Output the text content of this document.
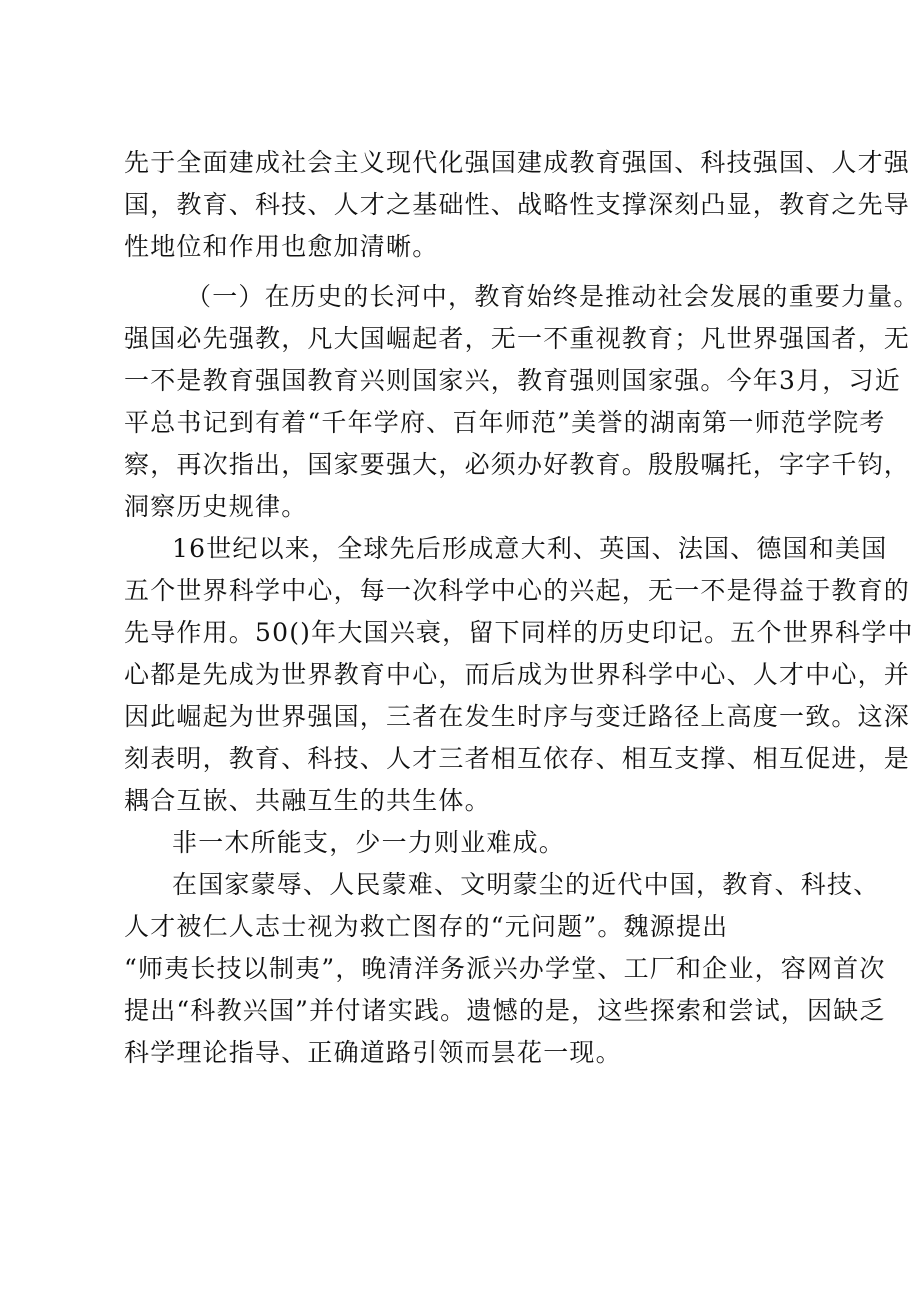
先于全面建成社会主义现代化强国建成教育强国、科技强国、人才强
国，教育、科技、人才之基础性、战略性支撑深刻凸显，教育之先导
性地位和作用也愈加清晰。
（一）在历史的长河中，教育始终是推动社会发展的重要力量。
强国必先强教，凡大国崛起者，无一不重视教育；凡世界强国者，无
一不是教育强国教育兴则国家兴，教育强则国家强。今年3月，习近
平总书记到有着“千年学府、百年师范”美誉的湖南第一师范学院考
察，再次指出，国家要强大，必须办好教育。殷殷嘱托，字字千钧，
洞察历史规律。
16世纪以来，全球先后形成意大利、英国、法国、德国和美国
五个世界科学中心，每一次科学中心的兴起，无一不是得益于教育的
先导作用。50()年大国兴衰，留下同样的历史印记。五个世界科学中
心都是先成为世界教育中心，而后成为世界科学中心、人才中心，并
因此崛起为世界强国，三者在发生时序与变迁路径上高度一致。这深
刻表明，教育、科技、人才三者相互依存、相互支撑、相互促进，是
耦合互嵌、共融互生的共生体。
非一木所能支，少一力则业难成。
在国家蒙辱、人民蒙难、文明蒙尘的近代中国，教育、科技、
人才被仁人志士视为救亡图存的“元问题”。魏源提出
“师夷长技以制夷”，晚清洋务派兴办学堂、工厂和企业，容网首次
提出“科教兴国”并付诸实践。遗憾的是，这些探索和尝试，因缺乏
科学理论指导、正确道路引领而昙花一现。
